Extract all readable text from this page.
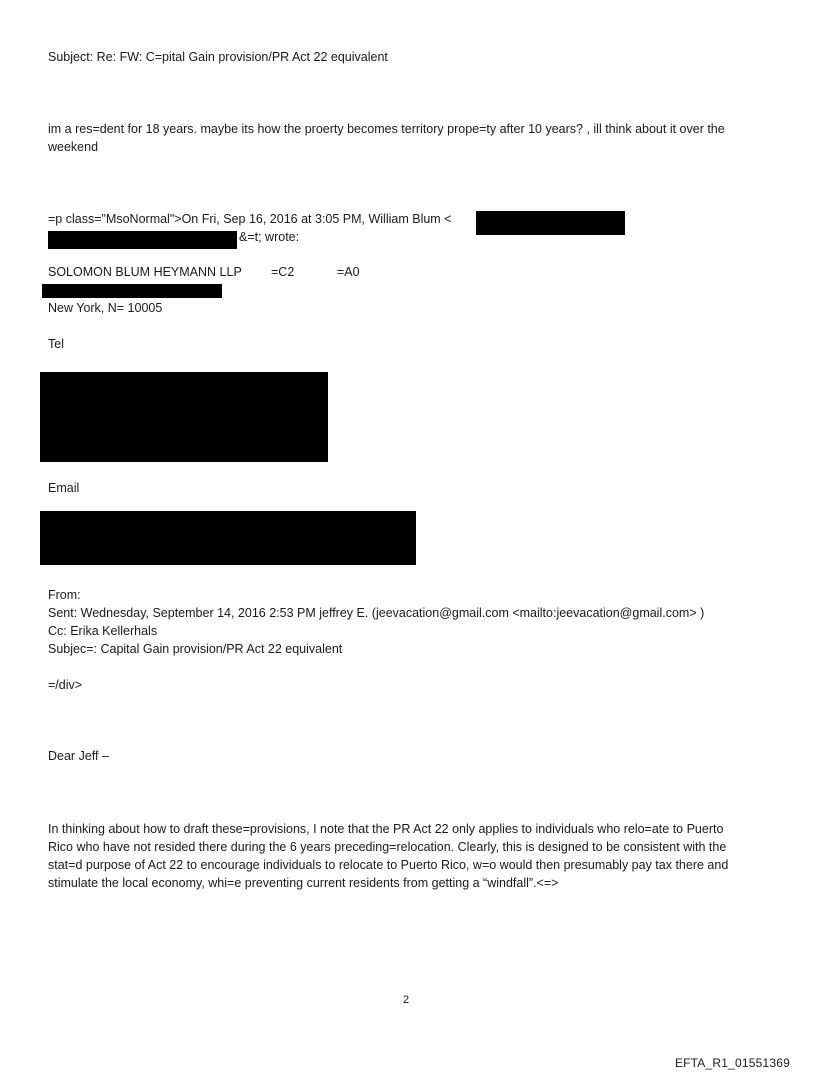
Subject: Re: FW: C=pital Gain provision/PR Act 22 equivalent
im a res=dent for 18 years. maybe its how the proerty becomes territory prope=ty after 10 years? , ill think about it over the weekend
=p class="MsoNormal">On Fri, Sep 16, 2016 at 3:05 PM, William Blum <
&=t; wrote:
SOLOMON BLUM HEYMANN LLP =C2	=A0
New York, N= 10005
Tel
Email
From:
Sent: Wednesday, September 14, 2016 2:53 PM jeffrey E. (jeevacation@gmail.com <mailto:jeevacation@gmail.com> )
Cc: Erika Kellerhals
Subjec=: Capital Gain provision/PR Act 22 equivalent
=/div>
Dear Jeff –
In thinking about how to draft these=provisions, I note that the PR Act 22 only applies to individuals who relo=ate to Puerto Rico who have not resided there during the 6 years preceding=relocation. Clearly, this is designed to be consistent with the stat=d purpose of Act 22 to encourage individuals to relocate to Puerto Rico, w=o would then presumably pay tax there and stimulate the local economy, whi=e preventing current residents from getting a “windfall”.<=>
2
EFTA_R1_01551369
